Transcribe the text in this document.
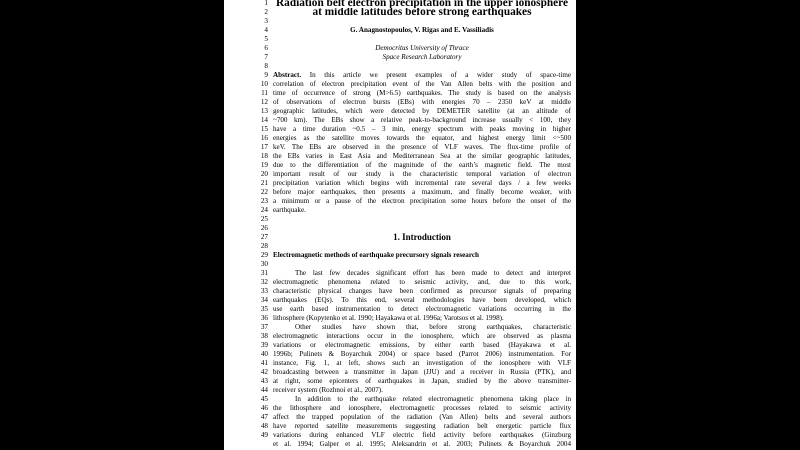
1
2
3
4
5
6
7
8
9
10
11
12
13
14
15
16
17
18
19
20
21
22
23
24
25
26
27
28
29
30
31
32
33
34
35
36
37
38
39
40
41
42
43
44
45
46
47
48
49
Radiation belt electron precipitation in the upper ionosphere
at middle latitudes before strong earthquakes
G. Anagnostopoulos, V. Rigas and E. Vassiliadis
Democritus University of Thrace
Space Research Laboratory
Abstract. In this article we present examples of a wider study of space-time
correlation of electron precipitation event of the Van Allen belts with the position and
time of occurrence of strong (M>6.5) earthquakes. The study is based on the analysis
of observations of electron bursts (EBs) with energies 70 – 2350 keV at middle
geographic latitudes, which were detected by DEMETER satellite (at an altitude of
~700 km). The EBs show a relative peak-to-background increase usually < 100, they
have a time duration ~0.5 – 3 min, energy spectrum with peaks moving in higher
energies as the satellite moves towards the equator, and highest energy limit <~500
keV. The EBs are observed in the presence of VLF waves. The flux-time profile of
the EBs varies in East Asia and Mediterranean Sea at the similar geographic latitudes,
due to the differentiation of the magnitude of the earth’s magnetic field. The most
important result of our study is the characteristic temporal variation of electron
precipitation variation which begins with incremental rate several days / a few weeks
before major earthquakes, then presents a maximum, and finally become weaker, with
a minimum or a pause of the electron precipitation some hours before the onset of the
earthquake.
1. Introduction
Electromagnetic methods of earthquake precursory signals research
The last few decades significant effort has been made to detect and interpret
electromagnetic phenomena related to seismic activity, and, due to this work,
characteristic physical changes have been confirmed as precursor signals of preparing
earthquakes (EQs). To this end, several methodologies have been developed, which
use earth based instrumentation to detect electromagnetic variations occurring in the
lithosphere (Kopytenko et al. 1990; Hayakawa et al. 1996a; Varotsos et al. 1998).
Other studies have shown that, before strong earthquakes, characteristic
electromagnetic interactions occur in the ionosphere, which are observed as plasma
variations or electromagnetic emissions, by either earth based (Hayakawa et al.
1996b; Pulinets & Boyarchuk 2004) or space based (Parrot 2006) instrumentation. For
instance, Fig. 1, at left, shows such an investigation of the ionosphere with VLF
broadcasting between a transmitter in Japan (JJU) and a receiver in Russia (PTK), and
at right, some epicenters of earthquakes in Japan, studied by the above transmitter-
receiver system (Rozhnoi et al., 2007).
In addition to the earthquake related electromagnetic phenomena taking place in
the lithosphere and ionosphere, electromagnetic processes related to seismic activity
affect the trapped population of the radiation (Van Allen) belts and several authors
have reported satellite measurements suggesting radiation belt energetic particle flux
variations during enhanced VLF electric field activity before earthquakes (Ginzburg
et al. 1994; Galper et al. 1995; Aleksandrin et al. 2003; Pulinets & Boyarchuk 2004
